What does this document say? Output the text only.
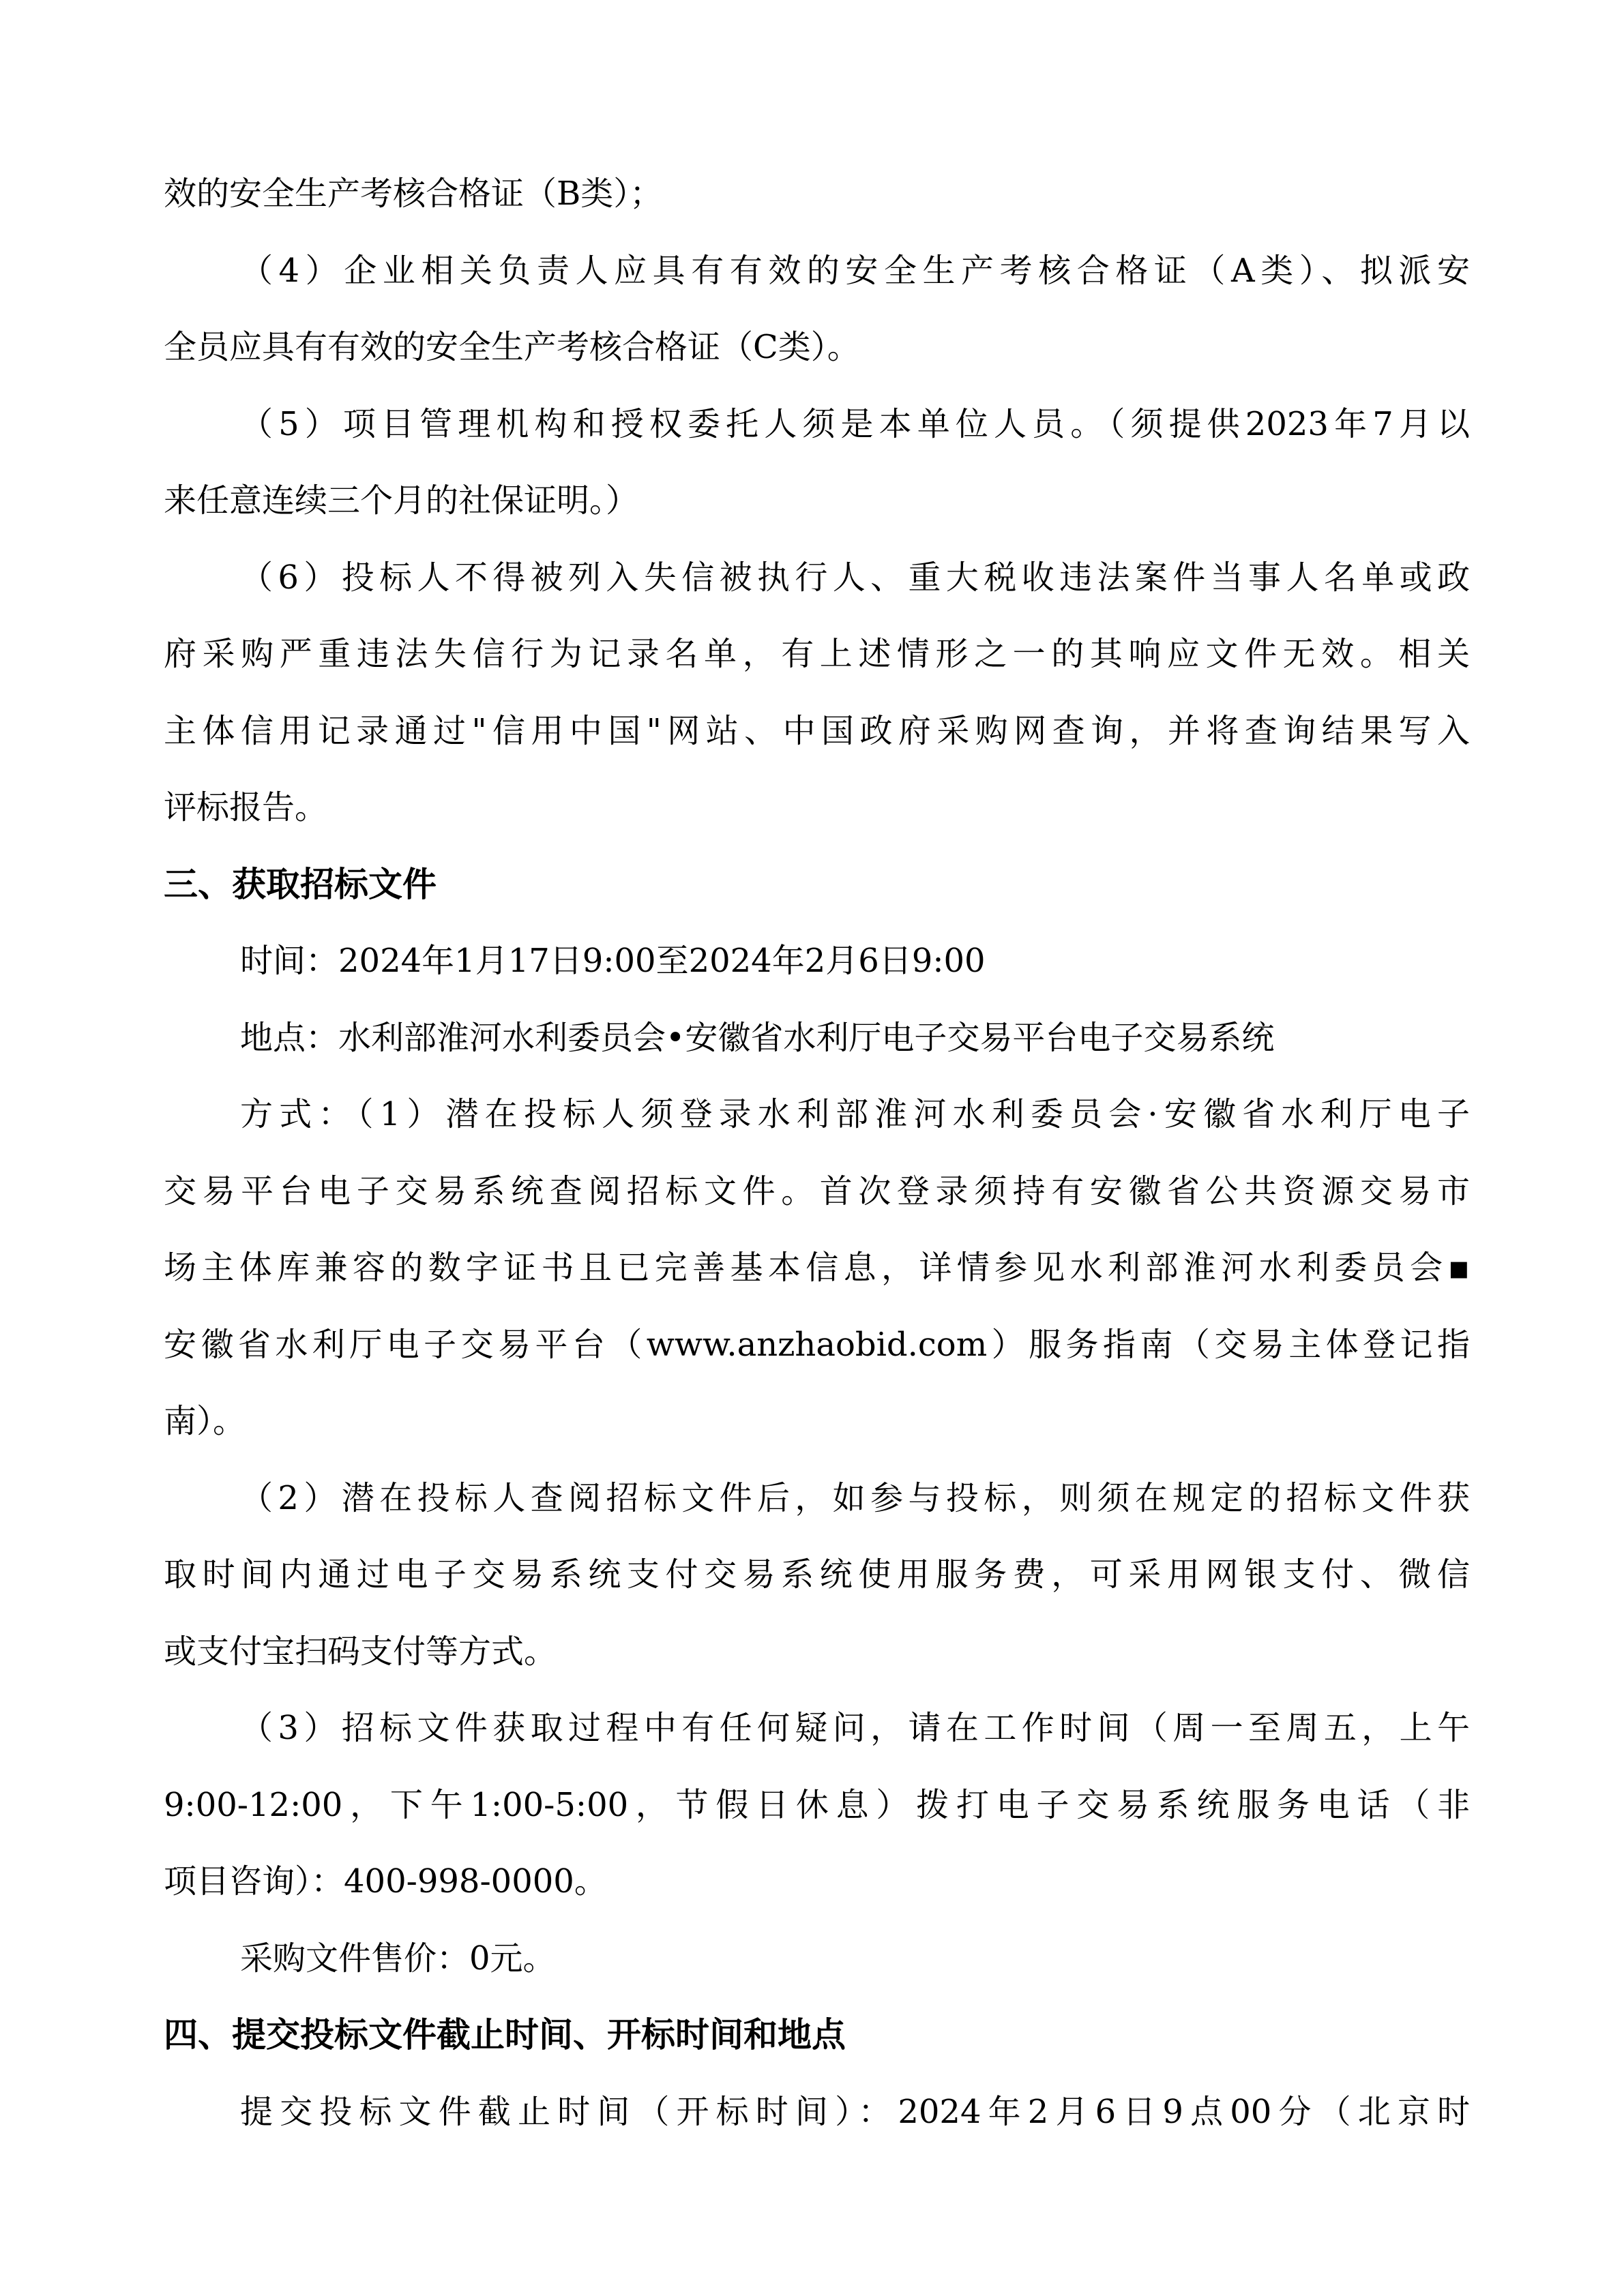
效的安全生产考核合格证（B类）；
（4）企业相关负责人应具有有效的安全生产考核合格证（A类）、拟派安
全员应具有有效的安全生产考核合格证（C类）。
（5）项目管理机构和授权委托人须是本单位人员。（须提供2023年7月以
来任意连续三个月的社保证明。）
（6）投标人不得被列入失信被执行人、重大税收违法案件当事人名单或政
府采购严重违法失信行为记录名单，有上述情形之一的其响应文件无效。相关
主体信用记录通过"信用中国"网站、中国政府采购网查询，并将查询结果写入
评标报告。
三、获取招标文件
时间：2024年1月17日9:00至2024年2月6日9:00
地点：水利部淮河水利委员会•安徽省水利厅电子交易平台电子交易系统
方式：（1）潜在投标人须登录水利部淮河水利委员会·安徽省水利厅电子
交易平台电子交易系统查阅招标文件。首次登录须持有安徽省公共资源交易市
场主体库兼容的数字证书且已完善基本信息，详情参见水利部淮河水利委员会▪
安徽省水利厅电子交易平台（www.anzhaobid.com）服务指南（交易主体登记指
南）。
（2）潜在投标人查阅招标文件后，如参与投标，则须在规定的招标文件获
取时间内通过电子交易系统支付交易系统使用服务费，可采用网银支付、微信
或支付宝扫码支付等方式。
（3）招标文件获取过程中有任何疑问，请在工作时间（周一至周五，上午
9:00-12:00，下午1:00-5:00，节假日休息）拨打电子交易系统服务电话（非
项目咨询）：400-998-0000。
采购文件售价：0元。
四、提交投标文件截止时间、开标时间和地点
提交投标文件截止时间（开标时间）：2024年2月6日9点00分（北京时
